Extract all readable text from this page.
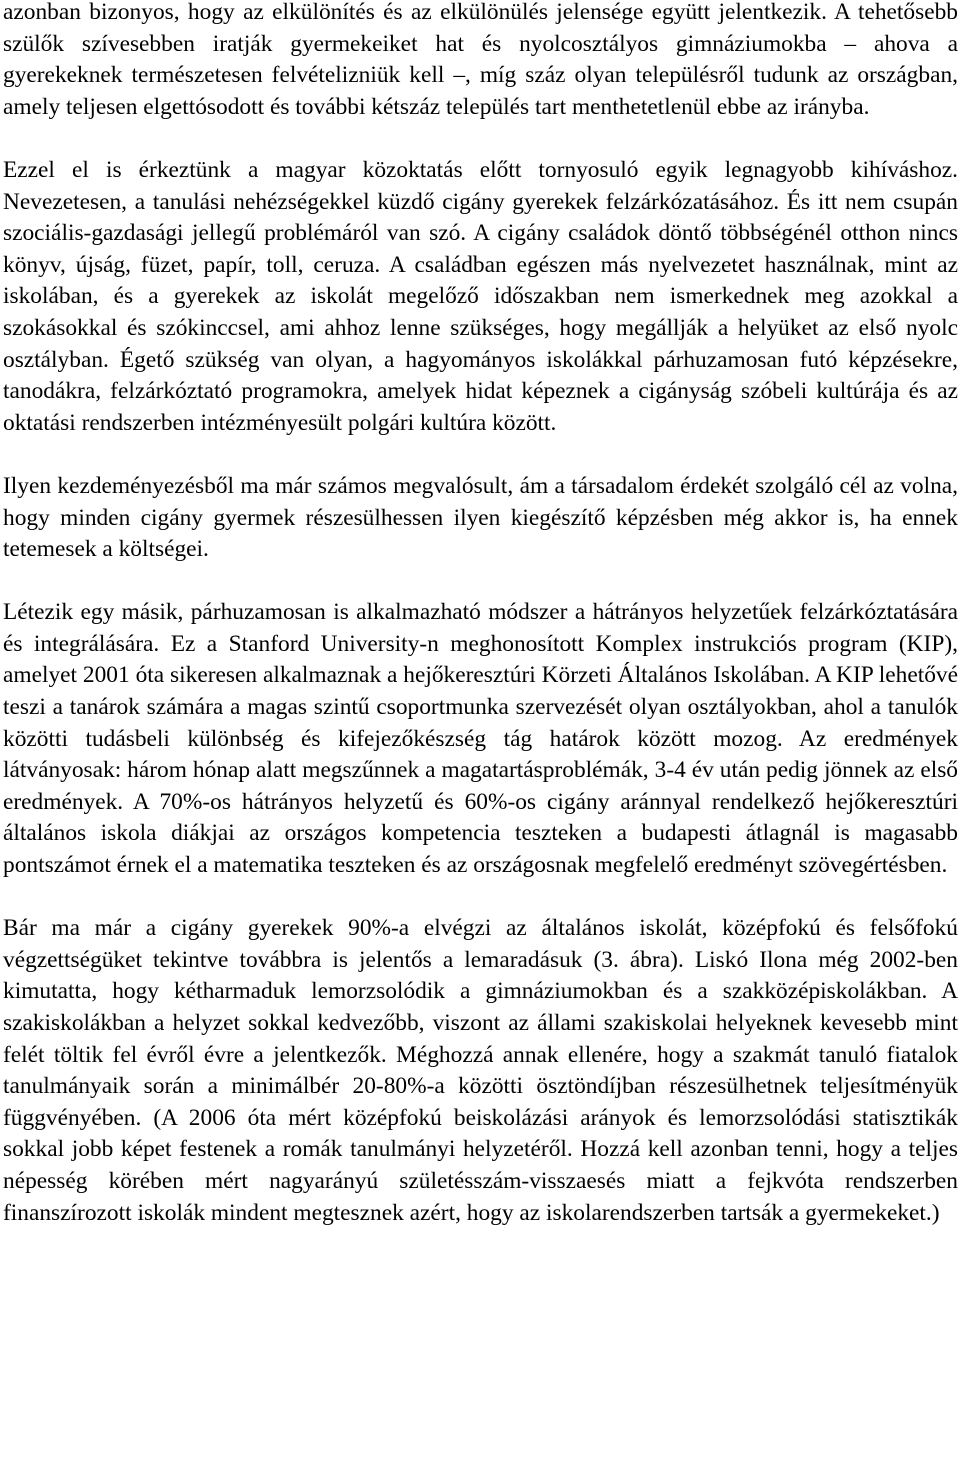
azonban bizonyos, hogy az elkülönítés és az elkülönülés jelensége együtt jelentkezik. A tehetősebb szülők szívesebben iratják gyermekeiket hat és nyolcosztályos gimnáziumokba – ahova a gyerekeknek természetesen felvételizniük kell –, míg száz olyan településről tudunk az országban, amely teljesen elgettósodott és további kétszáz település tart menthetetlenül ebbe az irányba.

Ezzel el is érkeztünk a magyar közoktatás előtt tornyosuló egyik legnagyobb kihíváshoz. Nevezetesen, a tanulási nehézségekkel küzdő cigány gyerekek felzárkózatásához. És itt nem csupán szociális-gazdasági jellegű problémáról van szó. A cigány családok döntő többségénél otthon nincs könyv, újság, füzet, papír, toll, ceruza. A családban egészen más nyelvezetet használnak, mint az iskolában, és a gyerekek az iskolát megelőző időszakban nem ismerkednek meg azokkal a szokásokkal és szókinccsel, ami ahhoz lenne szükséges, hogy megállják a helyüket az első nyolc osztályban. Égető szükség van olyan, a hagyományos iskolákkal párhuzamosan futó képzésekre, tanodákra, felzárkóztató programokra, amelyek hidat képeznek a cigányság szóbeli kultúrája és az oktatási rendszerben intézményesült polgári kultúra között.

Ilyen kezdeményezésből ma már számos megvalósult, ám a társadalom érdekét szolgáló cél az volna, hogy minden cigány gyermek részesülhessen ilyen kiegészítő képzésben még akkor is, ha ennek tetemesek a költségei.

Létezik egy másik, párhuzamosan is alkalmazható módszer a hátrányos helyzetűek felzárkóztatására és integrálására. Ez a Stanford University-n meghonosított Komplex instrukciós program (KIP), amelyet 2001 óta sikeresen alkalmaznak a hejőkeresztúri Körzeti Általános Iskolában. A KIP lehetővé teszi a tanárok számára a magas szintű csoportmunka szervezését olyan osztályokban, ahol a tanulók közötti tudásbeli különbség és kifejezőkészség tág határok között mozog. Az eredmények látványosak: három hónap alatt megszűnnek a magatartásproblémák, 3-4 év után pedig jönnek az első eredmények. A 70%-os hátrányos helyzetű és 60%-os cigány aránnyal rendelkező hejőkeresztúri általános iskola diákjai az országos kompetencia teszteken a budapesti átlagnál is magasabb pontszámot érnek el a matematika teszteken és az országosnak megfelelő eredményt szövegértésben.

Bár ma már a cigány gyerekek 90%-a elvégzi az általános iskolát, középfokú és felsőfokú végzettségüket tekintve továbbra is jelentős a lemaradásuk (3. ábra). Liskó Ilona még 2002-ben kimutatta, hogy kétharmaduk lemorzsolódik a gimnáziumokban és a szakközépiskolákban. A szakiskolákban a helyzet sokkal kedvezőbb, viszont az állami szakiskolai helyeknek kevesebb mint felét töltik fel évről évre a jelentkezők. Méghozzá annak ellenére, hogy a szakmát tanuló fiatalok tanulmányaik során a minimálbér 20-80%-a közötti ösztöndíjban részesülhetnek teljesítményük függvényében. (A 2006 óta mért középfokú beiskolázási arányok és lemorzsolódási statisztikák sokkal jobb képet festenek a romák tanulmányi helyzetéről. Hozzá kell azonban tenni, hogy a teljes népesség körében mért nagyarányú születésszám-visszaesés miatt a fejkvóta rendszerben finanszírozott iskolák mindent megtesznek azért, hogy az iskolarendszerben tartsák a gyermekeket.)
